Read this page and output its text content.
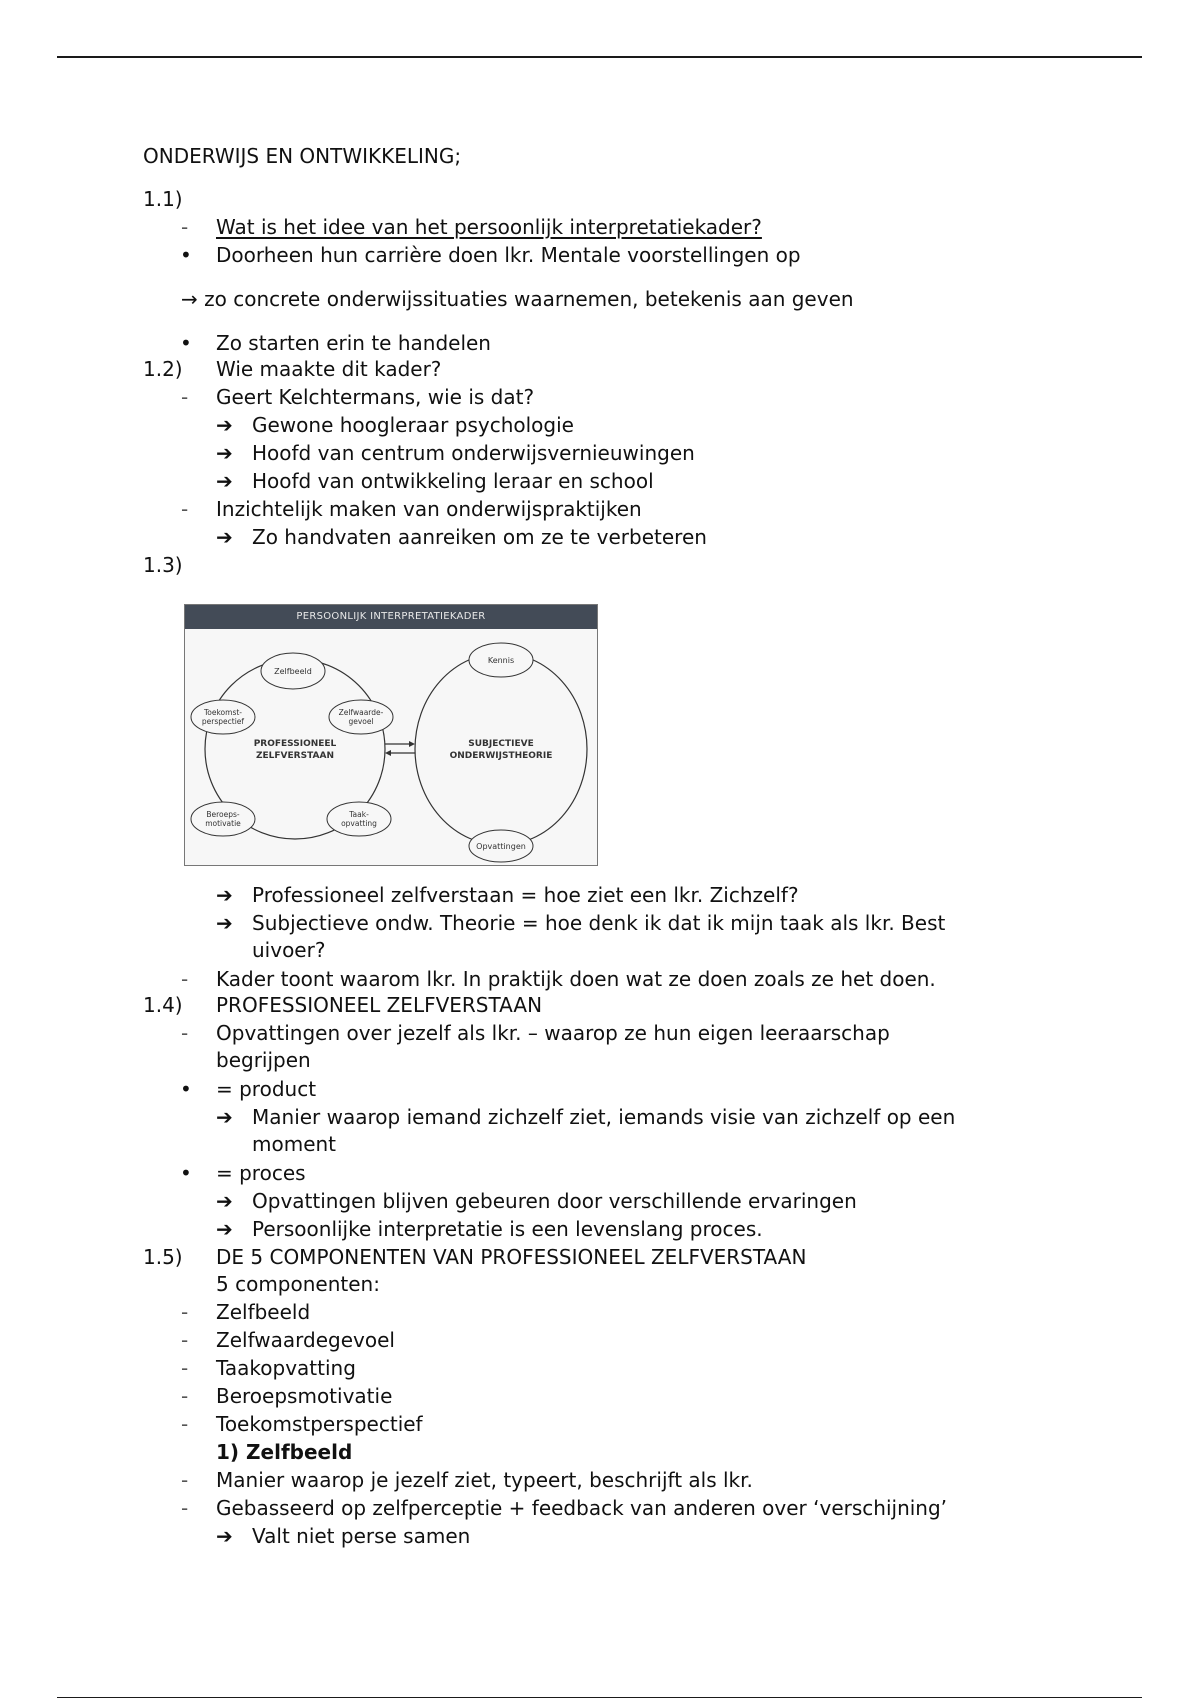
ONDERWIJS EN ONTWIKKELING;
1.1)
- Wat is het idee van het persoonlijk interpretatiekader?
• Doorheen hun carrière doen lkr. Mentale voorstellingen op
→ zo concrete onderwijssituaties waarnemen, betekenis aan geven
• Zo starten erin te handelen
1.2) Wie maakte dit kader?
- Geert Kelchtermans, wie is dat?
➔ Gewone hoogleraar psychologie
➔ Hoofd van centrum onderwijsvernieuwingen
➔ Hoofd van ontwikkeling leraar en school
- Inzichtelijk maken van onderwijspraktijken
➔ Zo handvaten aanreiken om ze te verbeteren
1.3)
PERSOONLIJK INTERPRETATIEKADER
Zelfbeeld
Toekomst-
perspectief
Zelfwaarde-
gevoel
Beroeps-
motivatie
Taak-
opvatting
PROFESSIONEEL
ZELFVERSTAAN
Kennis
Opvattingen
SUBJECTIEVE
ONDERWIJSTHEORIE
➔ Professioneel zelfverstaan = hoe ziet een lkr. Zichzelf?
➔ Subjectieve ondw. Theorie = hoe denk ik dat ik mijn taak als lkr. Best
uivoer?
- Kader toont waarom lkr. In praktijk doen wat ze doen zoals ze het doen.
1.4) PROFESSIONEEL ZELFVERSTAAN
- Opvattingen over jezelf als lkr. – waarop ze hun eigen leeraarschap
begrijpen
• = product
➔ Manier waarop iemand zichzelf ziet, iemands visie van zichzelf op een
moment
• = proces
➔ Opvattingen blijven gebeuren door verschillende ervaringen
➔ Persoonlijke interpretatie is een levenslang proces.
1.5) DE 5 COMPONENTEN VAN PROFESSIONEEL ZELFVERSTAAN
5 componenten:
- Zelfbeeld
- Zelfwaardegevoel
- Taakopvatting
- Beroepsmotivatie
- Toekomstperspectief
1) Zelfbeeld
- Manier waarop je jezelf ziet, typeert, beschrijft als lkr.
- Gebasseerd op zelfperceptie + feedback van anderen over ‘verschijning’
➔ Valt niet perse samen
